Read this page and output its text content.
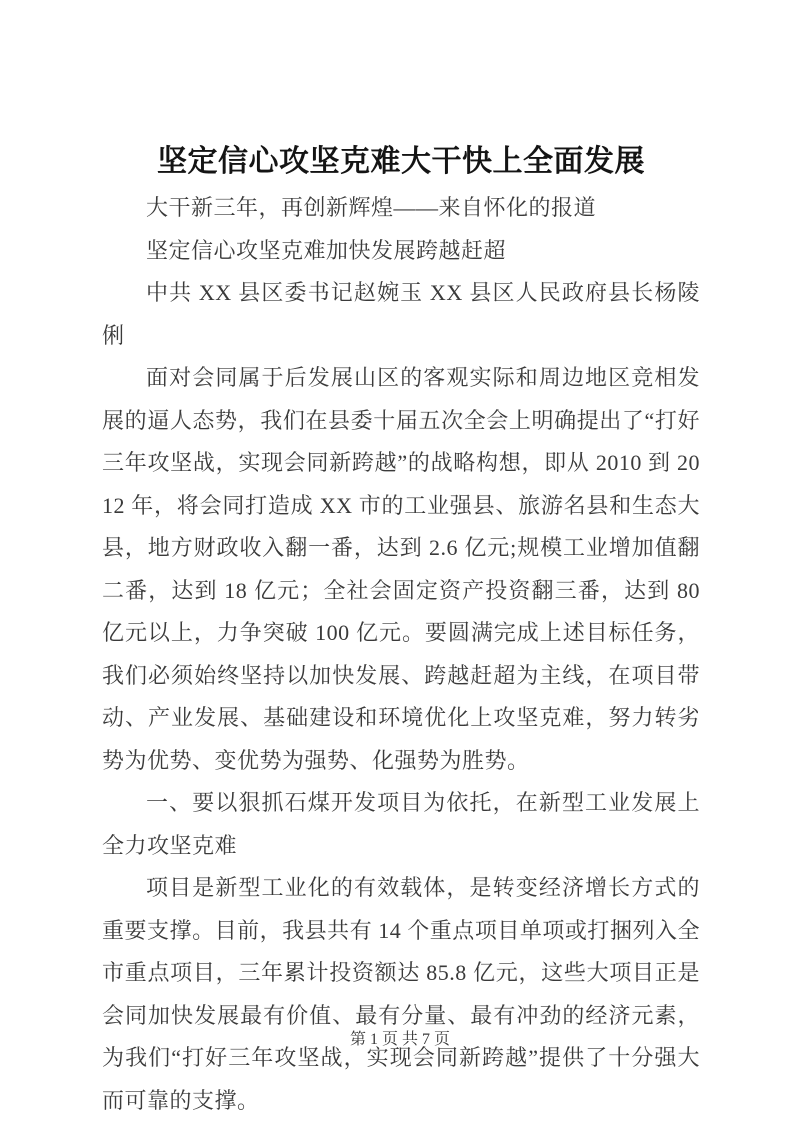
坚定信心攻坚克难大干快上全面发展

大干新三年，再创新辉煌——来自怀化的报道

坚定信心攻坚克难加快发展跨越赶超

中共 XX 县区委书记赵婉玉 XX 县区人民政府县长杨陵俐

面对会同属于后发展山区的客观实际和周边地区竞相发展的逼人态势，我们在县委十届五次全会上明确提出了“打好三年攻坚战，实现会同新跨越”的战略构想，即从 2010 到 2012 年，将会同打造成 XX 市的工业强县、旅游名县和生态大县，地方财政收入翻一番，达到 2.6 亿元;规模工业增加值翻二番，达到 18 亿元；全社会固定资产投资翻三番，达到 80 亿元以上，力争突破 100 亿元。要圆满完成上述目标任务，我们必须始终坚持以加快发展、跨越赶超为主线，在项目带动、产业发展、基础建设和环境优化上攻坚克难，努力转劣势为优势、变优势为强势、化强势为胜势。

一、要以狠抓石煤开发项目为依托，在新型工业发展上全力攻坚克难

项目是新型工业化的有效载体，是转变经济增长方式的重要支撑。目前，我县共有 14 个重点项目单项或打捆列入全市重点项目，三年累计投资额达 85.8 亿元，这些大项目正是会同加快发展最有价值、最有分量、最有冲劲的经济元素，为我们“打好三年攻坚战，实现会同新跨越”提供了十分强大而可靠的支撑。

第 1 页 共 7 页
